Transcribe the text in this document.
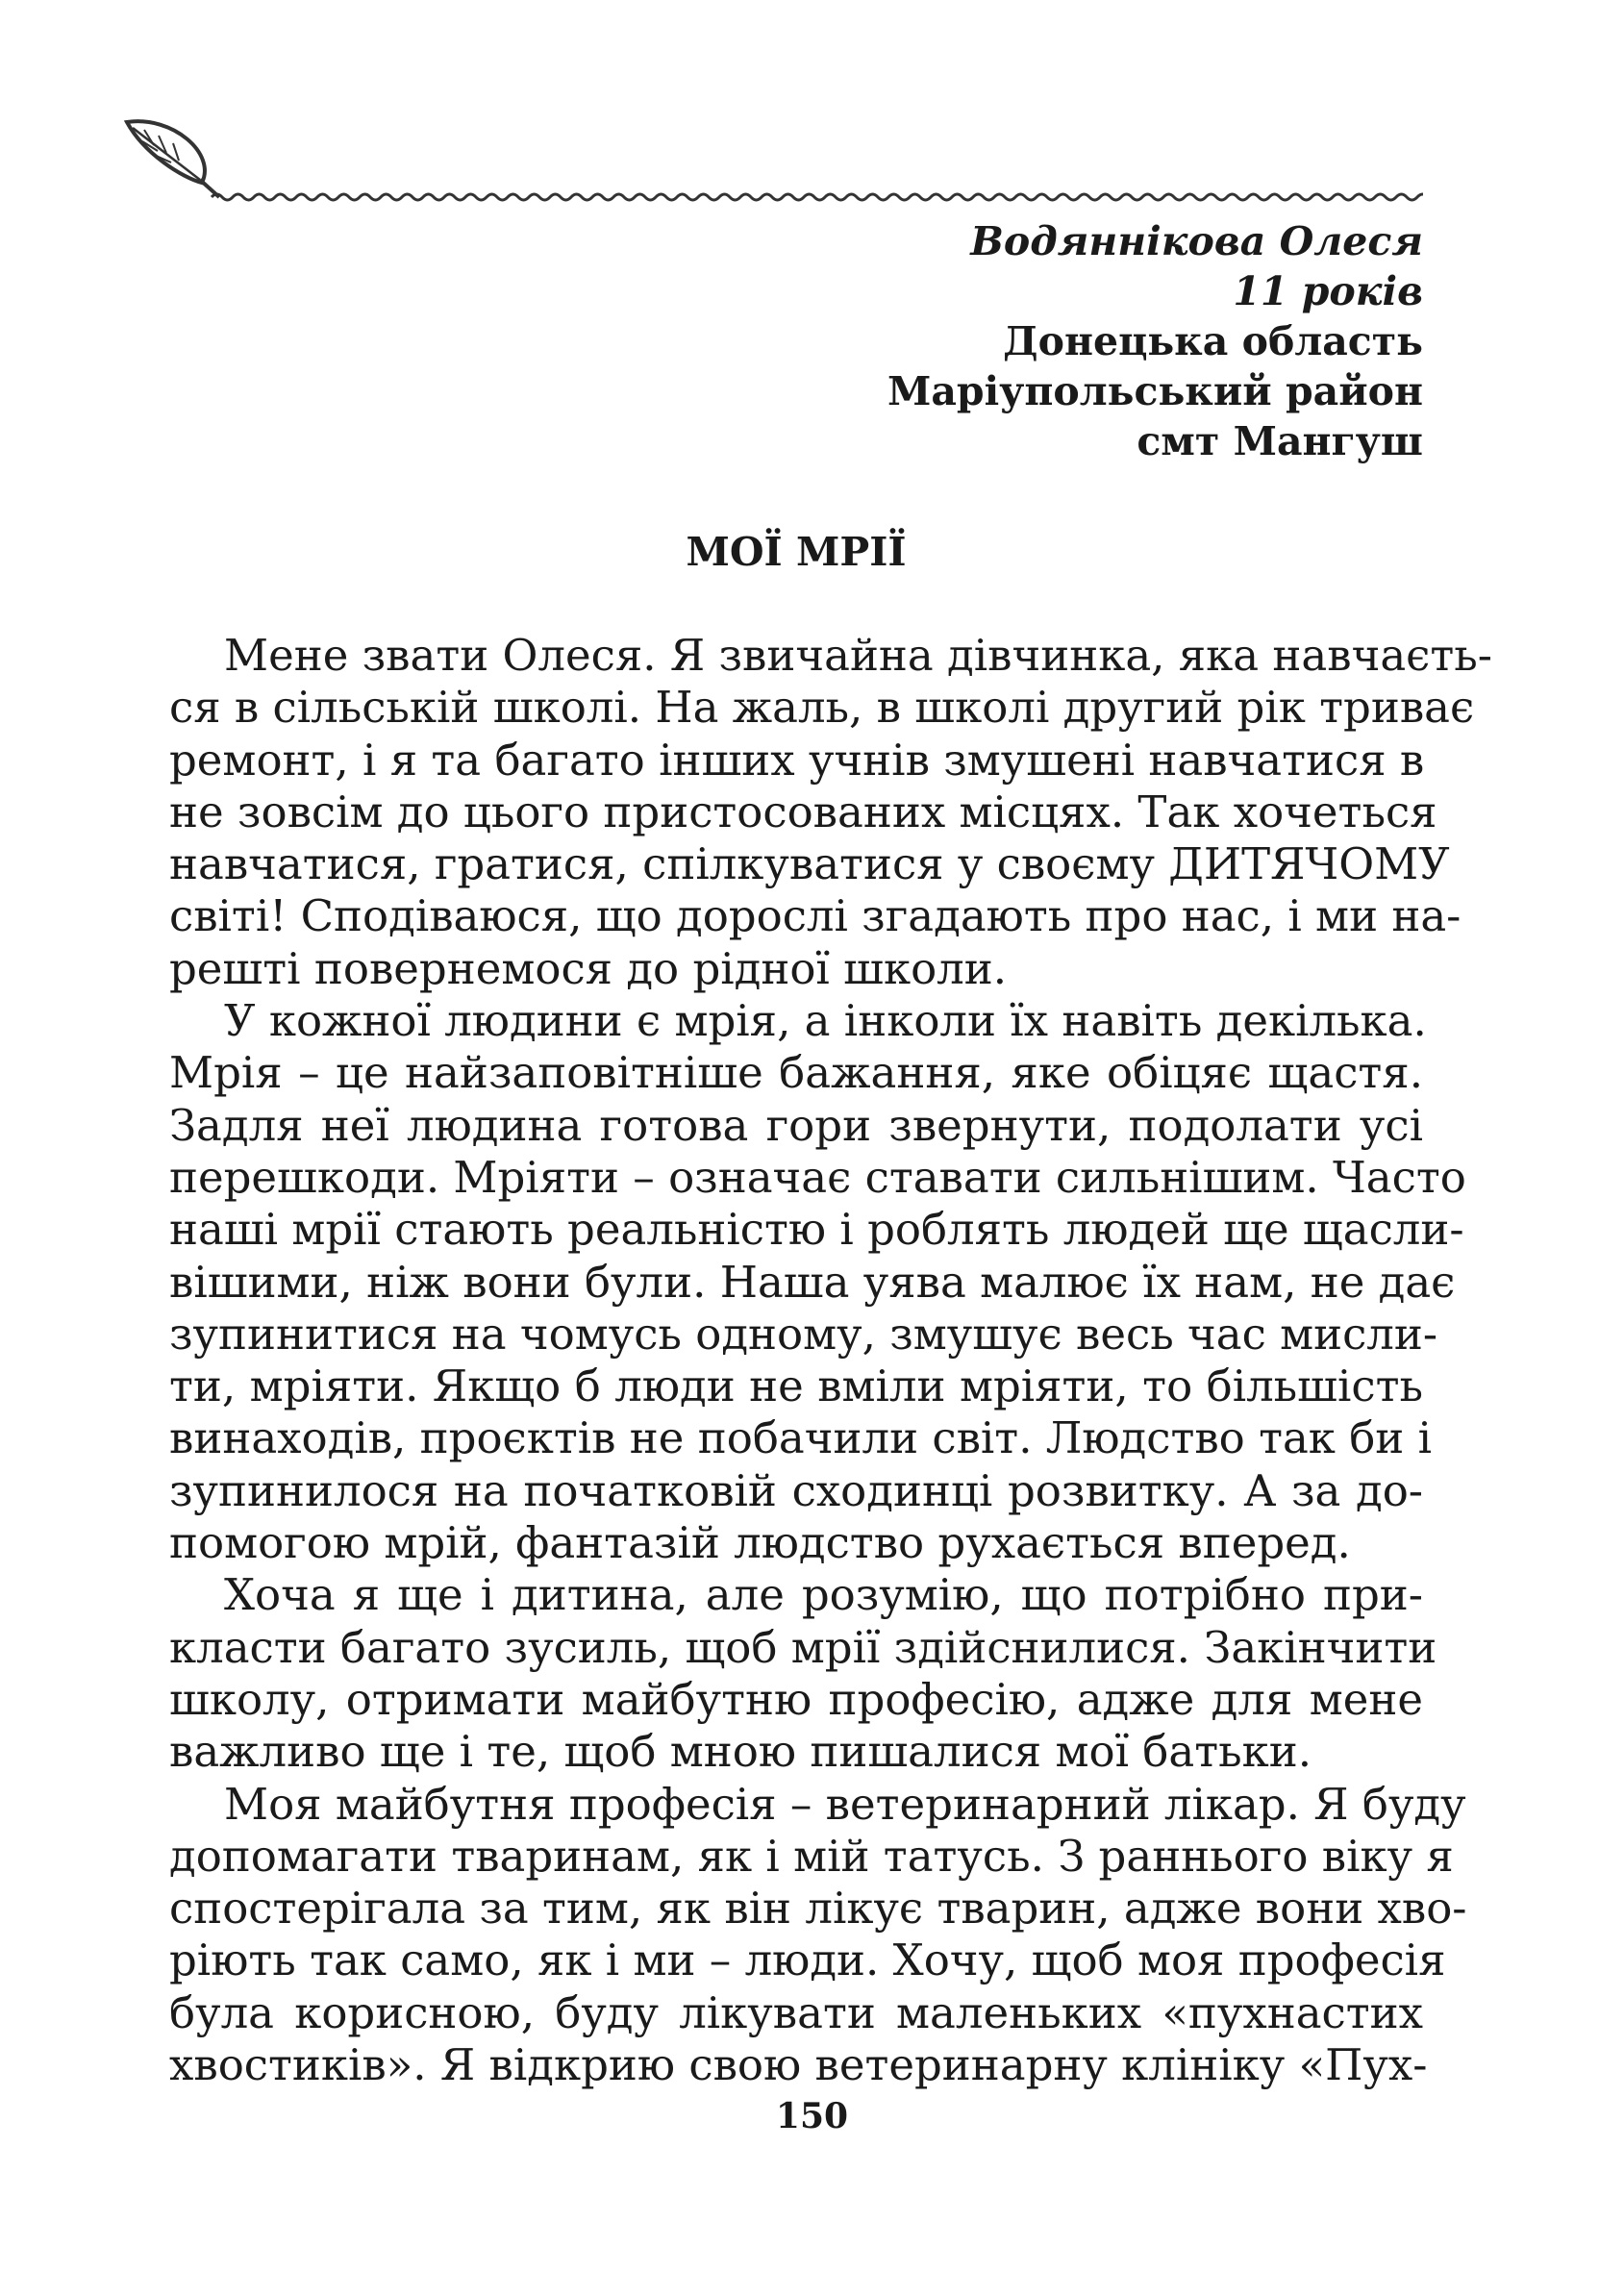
Водяннікова Олеся
11 років
Донецька область
Маріупольський район
смт Мангуш
МОЇ МРІЇ
Мене звати Олеся. Я звичайна дівчинка, яка навчаєть-
ся в сільській школі. На жаль, в школі другий рік триває
ремонт, і я та багато інших учнів змушені навчатися в
не зовсім до цього пристосованих місцях. Так хочеться
навчатися, гратися, спілкуватися у своєму ДИТЯЧОМУ
світі! Сподіваюся, що дорослі згадають про нас, і ми на-
решті повернемося до рідної школи.
У кожної людини є мрія, а інколи їх навіть декілька.
Мрія – це найзаповітніше бажання, яке обіцяє щастя.
Задля неї людина готова гори звернути, подолати усі
перешкоди. Мріяти – означає ставати сильнішим. Часто
наші мрії стають реальністю і роблять людей ще щасли-
вішими, ніж вони були. Наша уява малює їх нам, не дає
зупинитися на чомусь одному, змушує весь час мисли-
ти, мріяти. Якщо б люди не вміли мріяти, то більшість
винаходів, проєктів не побачили світ. Людство так би і
зупинилося на початковій сходинці розвитку. А за до-
помогою мрій, фантазій людство рухається вперед.
Хоча я ще і дитина, але розумію, що потрібно при-
класти багато зусиль, щоб мрії здійснилися. Закінчити
школу, отримати майбутню професію, адже для мене
важливо ще і те, щоб мною пишалися мої батьки.
Моя майбутня професія – ветеринарний лікар. Я буду
допомагати тваринам, як і мій татусь. З раннього віку я
спостерігала за тим, як він лікує тварин, адже вони хво-
ріють так само, як і ми – люди. Хочу, щоб моя професія
була корисною, буду лікувати маленьких «пухнастих
хвостиків». Я відкрию свою ветеринарну клініку «Пух-
150
